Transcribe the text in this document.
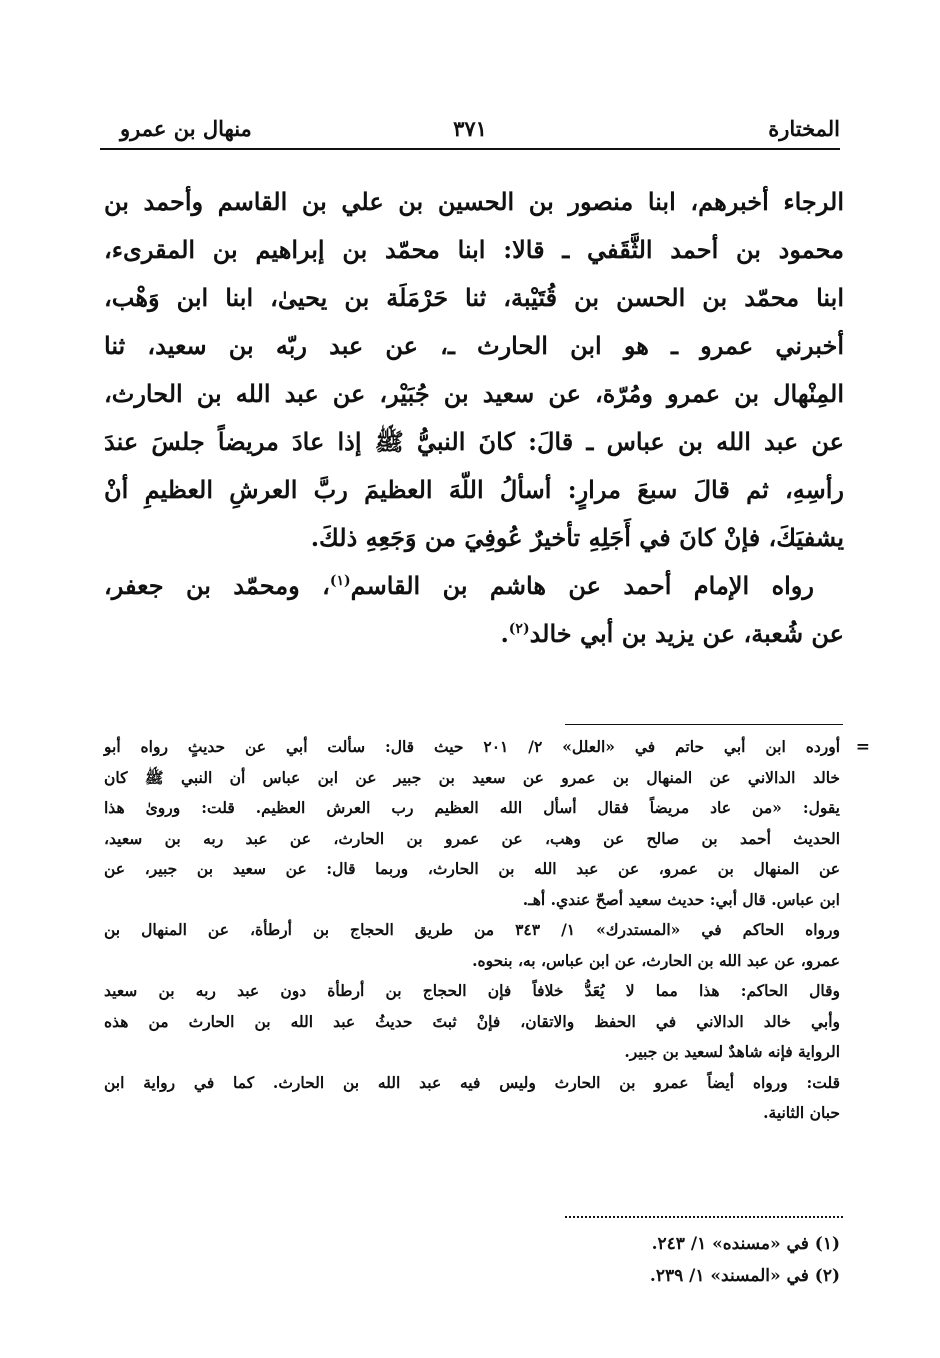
المختارة
٣٧١
منهال بن عمرو
الرجاء أخبرهم، ابنا منصور بن الحسين بن علي بن القاسم وأحمد بن
محمود بن أحمد الثَّقَفي ـ قالا: ابنا محمّد بن إبراهيم بن المقرىء،
ابنا محمّد بن الحسن بن قُتَيْبة، ثنا حَرْمَلَة بن يحيىٰ، ابنا ابن وَهْب،
أخبرني عمرو ـ هو ابن الحارث ـ، عن عبد ربّه بن سعيد، ثنا
المِنْهال بن عمرو ومُرّة، عن سعيد بن جُبَيْر، عن عبد الله بن الحارث،
عن عبد الله بن عباس ـ قالَ: كانَ النبيُّ ﷺ إذا عادَ مريضاً جلسَ عندَ
رأسِهِ، ثم قالَ سبعَ مرارٍ: أسألُ اللّهَ العظيمَ ربَّ العرشِ العظيمِ أنْ
يشفيَكَ، فإنْ كانَ في أَجَلِهِ تأخيرٌ عُوفِيَ من وَجَعِهِ ذلكَ.
رواه الإمام أحمد عن هاشم بن القاسم$^{(١)}$، ومحمّد بن جعفر،
عن شُعبة، عن يزيد بن أبي خالد$^{(٢)}$.
=
أورده ابن أبي حاتم في «العلل» ٢/ ٢٠١ حيث قال: سألت أبي عن حديثٍ رواه أبو
خالد الدالاني عن المنهال بن عمرو عن سعيد بن جبير عن ابن عباس أن النبي ﷺ كان
يقول: «من عاد مريضاً فقال أسأل الله العظيم رب العرش العظيم. قلت: وروىٰ هذا
الحديث أحمد بن صالح عن وهب، عن عمرو بن الحارث، عن عبد ربه بن سعيد،
عن المنهال بن عمرو، عن عبد الله بن الحارث، وربما قال: عن سعيد بن جبير، عن
ابن عباس. قال أبي: حديث سعيد أصحّ عندي. أهـ.
ورواه الحاكم في «المستدرك» ١/ ٣٤٣ من طريق الحجاج بن أرطأة، عن المنهال بن
عمرو، عن عبد الله بن الحارث، عن ابن عباس، به، بنحوه.
وقال الحاكم: هذا مما لا يُعَدُّ خلافاً فإن الحجاج بن أرطأة دون عبد ربه بن سعيد
وأبي خالد الدالاني في الحفظ والاتقان، فإنْ ثبتَ حديثُ عبد الله بن الحارث من هذه
الرواية فإنه شاهدٌ لسعيد بن جبير.
قلت: ورواه أيضاً عمرو بن الحارث وليس فيه عبد الله بن الحارث. كما في رواية ابن
حبان الثانية.
(١) في «مسنده» ١/ ٢٤٣.
(٢) في «المسند» ١/ ٢٣٩.
